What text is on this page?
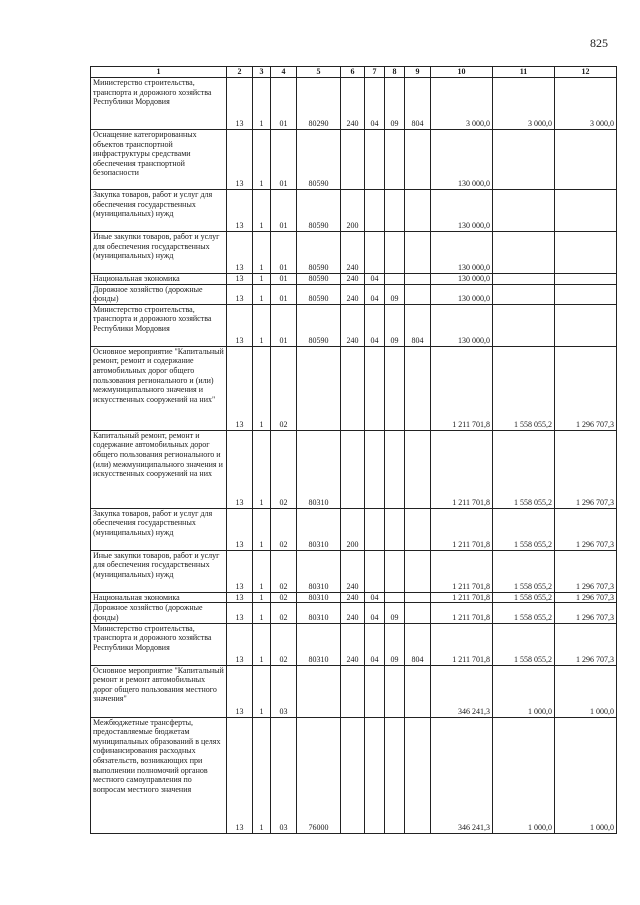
825
1	2	3	4	5	6	7	8	9	10	11	12
Министерство строительства, транспорта и дорожного хозяйства Республики Мордовия	13	1	01	80290	240	04	09	804	3 000,0	3 000,0	3 000,0
Оснащение категорированных объектов транспортной инфраструктуры средствами обеспечения транспортной безопасности	13	1	01	80590					130 000,0		
Закупка товаров, работ и услуг для обеспечения государственных (муниципальных) нужд	13	1	01	80590	200				130 000,0		
Иные закупки товаров, работ и услуг для обеспечения государственных (муниципальных) нужд	13	1	01	80590	240				130 000,0		
Национальная экономика	13	1	01	80590	240	04			130 000,0		
Дорожное хозяйство (дорожные фонды)	13	1	01	80590	240	04	09		130 000,0		
Министерство строительства, транспорта и дорожного хозяйства Республики Мордовия	13	1	01	80590	240	04	09	804	130 000,0		
Основное мероприятие "Капитальный ремонт, ремонт и содержание автомобильных дорог общего пользования регионального и (или) межмуниципального значения и искусственных сооружений на них"	13	1	02						1 211 701,8	1 558 055,2	1 296 707,3
Капитальный ремонт, ремонт и содержание автомобильных дорог общего пользования регионального и (или) межмуниципального значения и искусственных сооружений на них	13	1	02	80310					1 211 701,8	1 558 055,2	1 296 707,3
Закупка товаров, работ и услуг для обеспечения государственных (муниципальных) нужд	13	1	02	80310	200				1 211 701,8	1 558 055,2	1 296 707,3
Иные закупки товаров, работ и услуг для обеспечения государственных (муниципальных) нужд	13	1	02	80310	240				1 211 701,8	1 558 055,2	1 296 707,3
Национальная экономика	13	1	02	80310	240	04			1 211 701,8	1 558 055,2	1 296 707,3
Дорожное хозяйство (дорожные фонды)	13	1	02	80310	240	04	09		1 211 701,8	1 558 055,2	1 296 707,3
Министерство строительства, транспорта и дорожного хозяйства Республики Мордовия	13	1	02	80310	240	04	09	804	1 211 701,8	1 558 055,2	1 296 707,3
Основное мероприятие "Капитальный ремонт и ремонт автомобильных дорог общего пользования местного значения"	13	1	03						346 241,3	1 000,0	1 000,0
Межбюджетные трансферты, предоставляемые бюджетам муниципальных образований в целях софинансирования расходных обязательств, возникающих при выполнении полномочий органов местного самоуправления по вопросам местного значения	13	1	03	76000					346 241,3	1 000,0	1 000,0
